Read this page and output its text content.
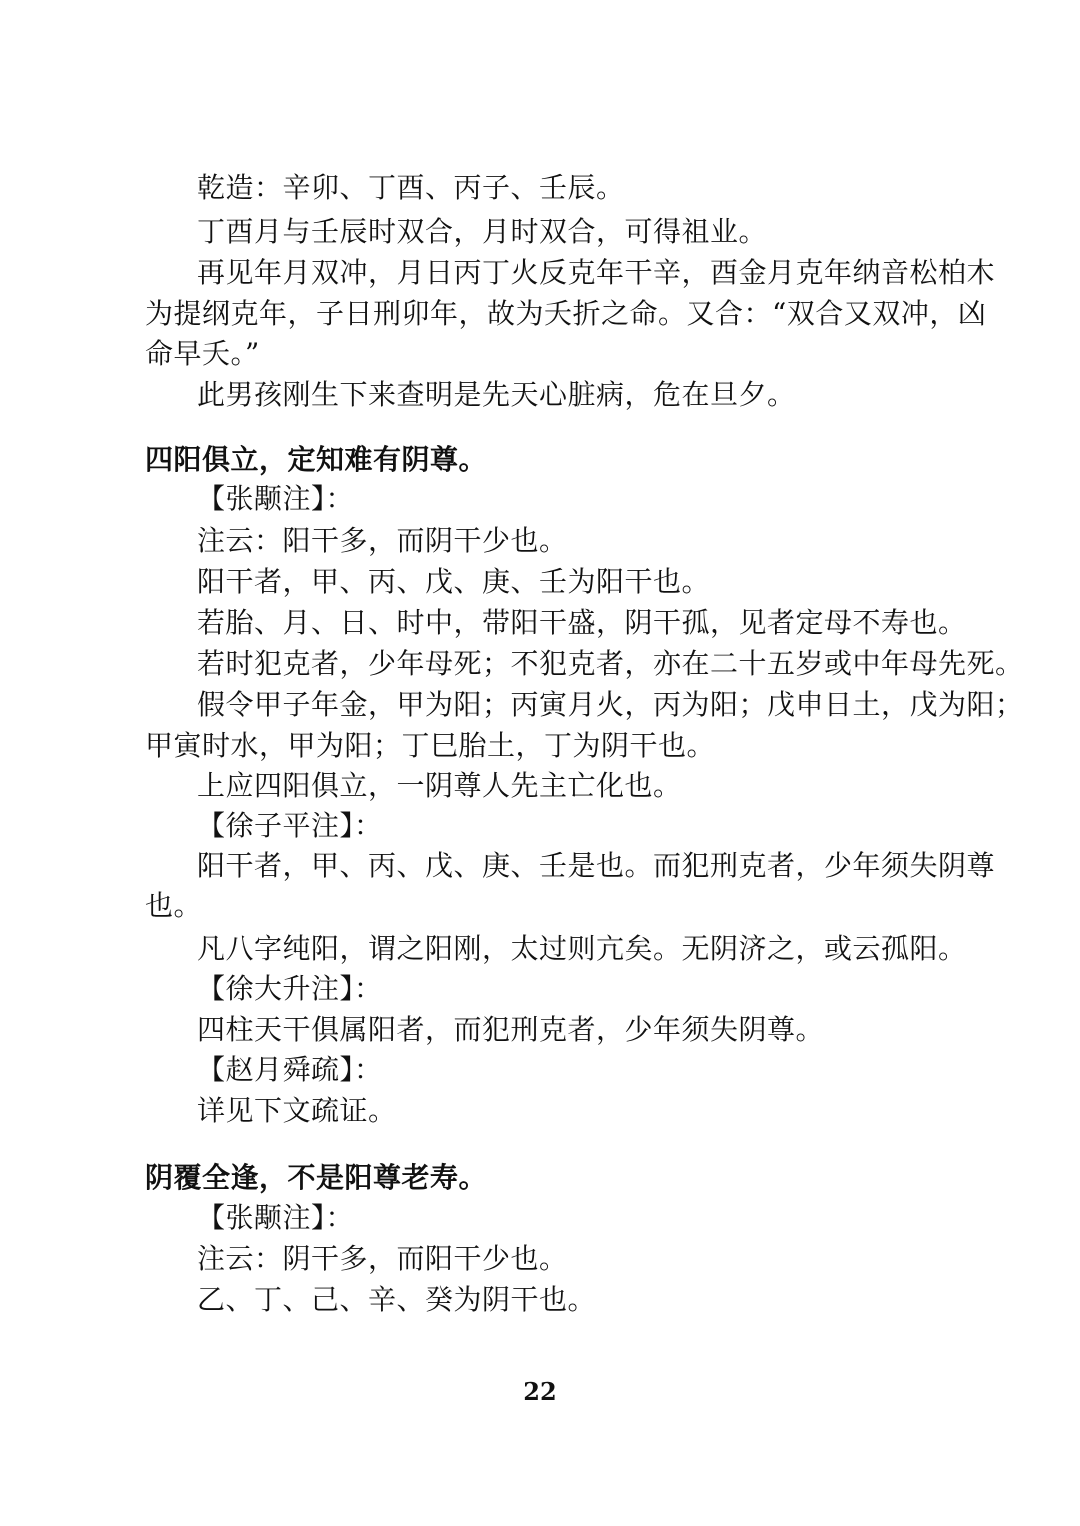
乾造：辛卯、丁酉、丙子、壬辰。
丁酉月与壬辰时双合，月时双合，可得祖业。
再见年月双冲，月日丙丁火反克年干辛，酉金月克年纳音松柏木
为提纲克年，子日刑卯年，故为夭折之命。又合：“双合又双冲，凶
命早夭。”
此男孩刚生下来查明是先天心脏病，危在旦夕。
四阳俱立，定知难有阴尊。
【张颙注】：
注云：阳干多，而阴干少也。
阳干者，甲、丙、戊、庚、壬为阳干也。
若胎、月、日、时中，带阳干盛，阴干孤，见者定母不寿也。
若时犯克者，少年母死；不犯克者，亦在二十五岁或中年母先死。
假令甲子年金，甲为阳；丙寅月火，丙为阳；戊申日土，戊为阳；
甲寅时水，甲为阳；丁巳胎土，丁为阴干也。
上应四阳俱立，一阴尊人先主亡化也。
【徐子平注】：
阳干者，甲、丙、戊、庚、壬是也。而犯刑克者，少年须失阴尊
也。
凡八字纯阳，谓之阳刚，太过则亢矣。无阴济之，或云孤阳。
【徐大升注】：
四柱天干俱属阳者，而犯刑克者，少年须失阴尊。
【赵月舜疏】：
详见下文疏证。
阴覆全逢，不是阳尊老寿。
【张颙注】：
注云：阴干多，而阳干少也。
乙、丁、己、辛、癸为阴干也。
22
